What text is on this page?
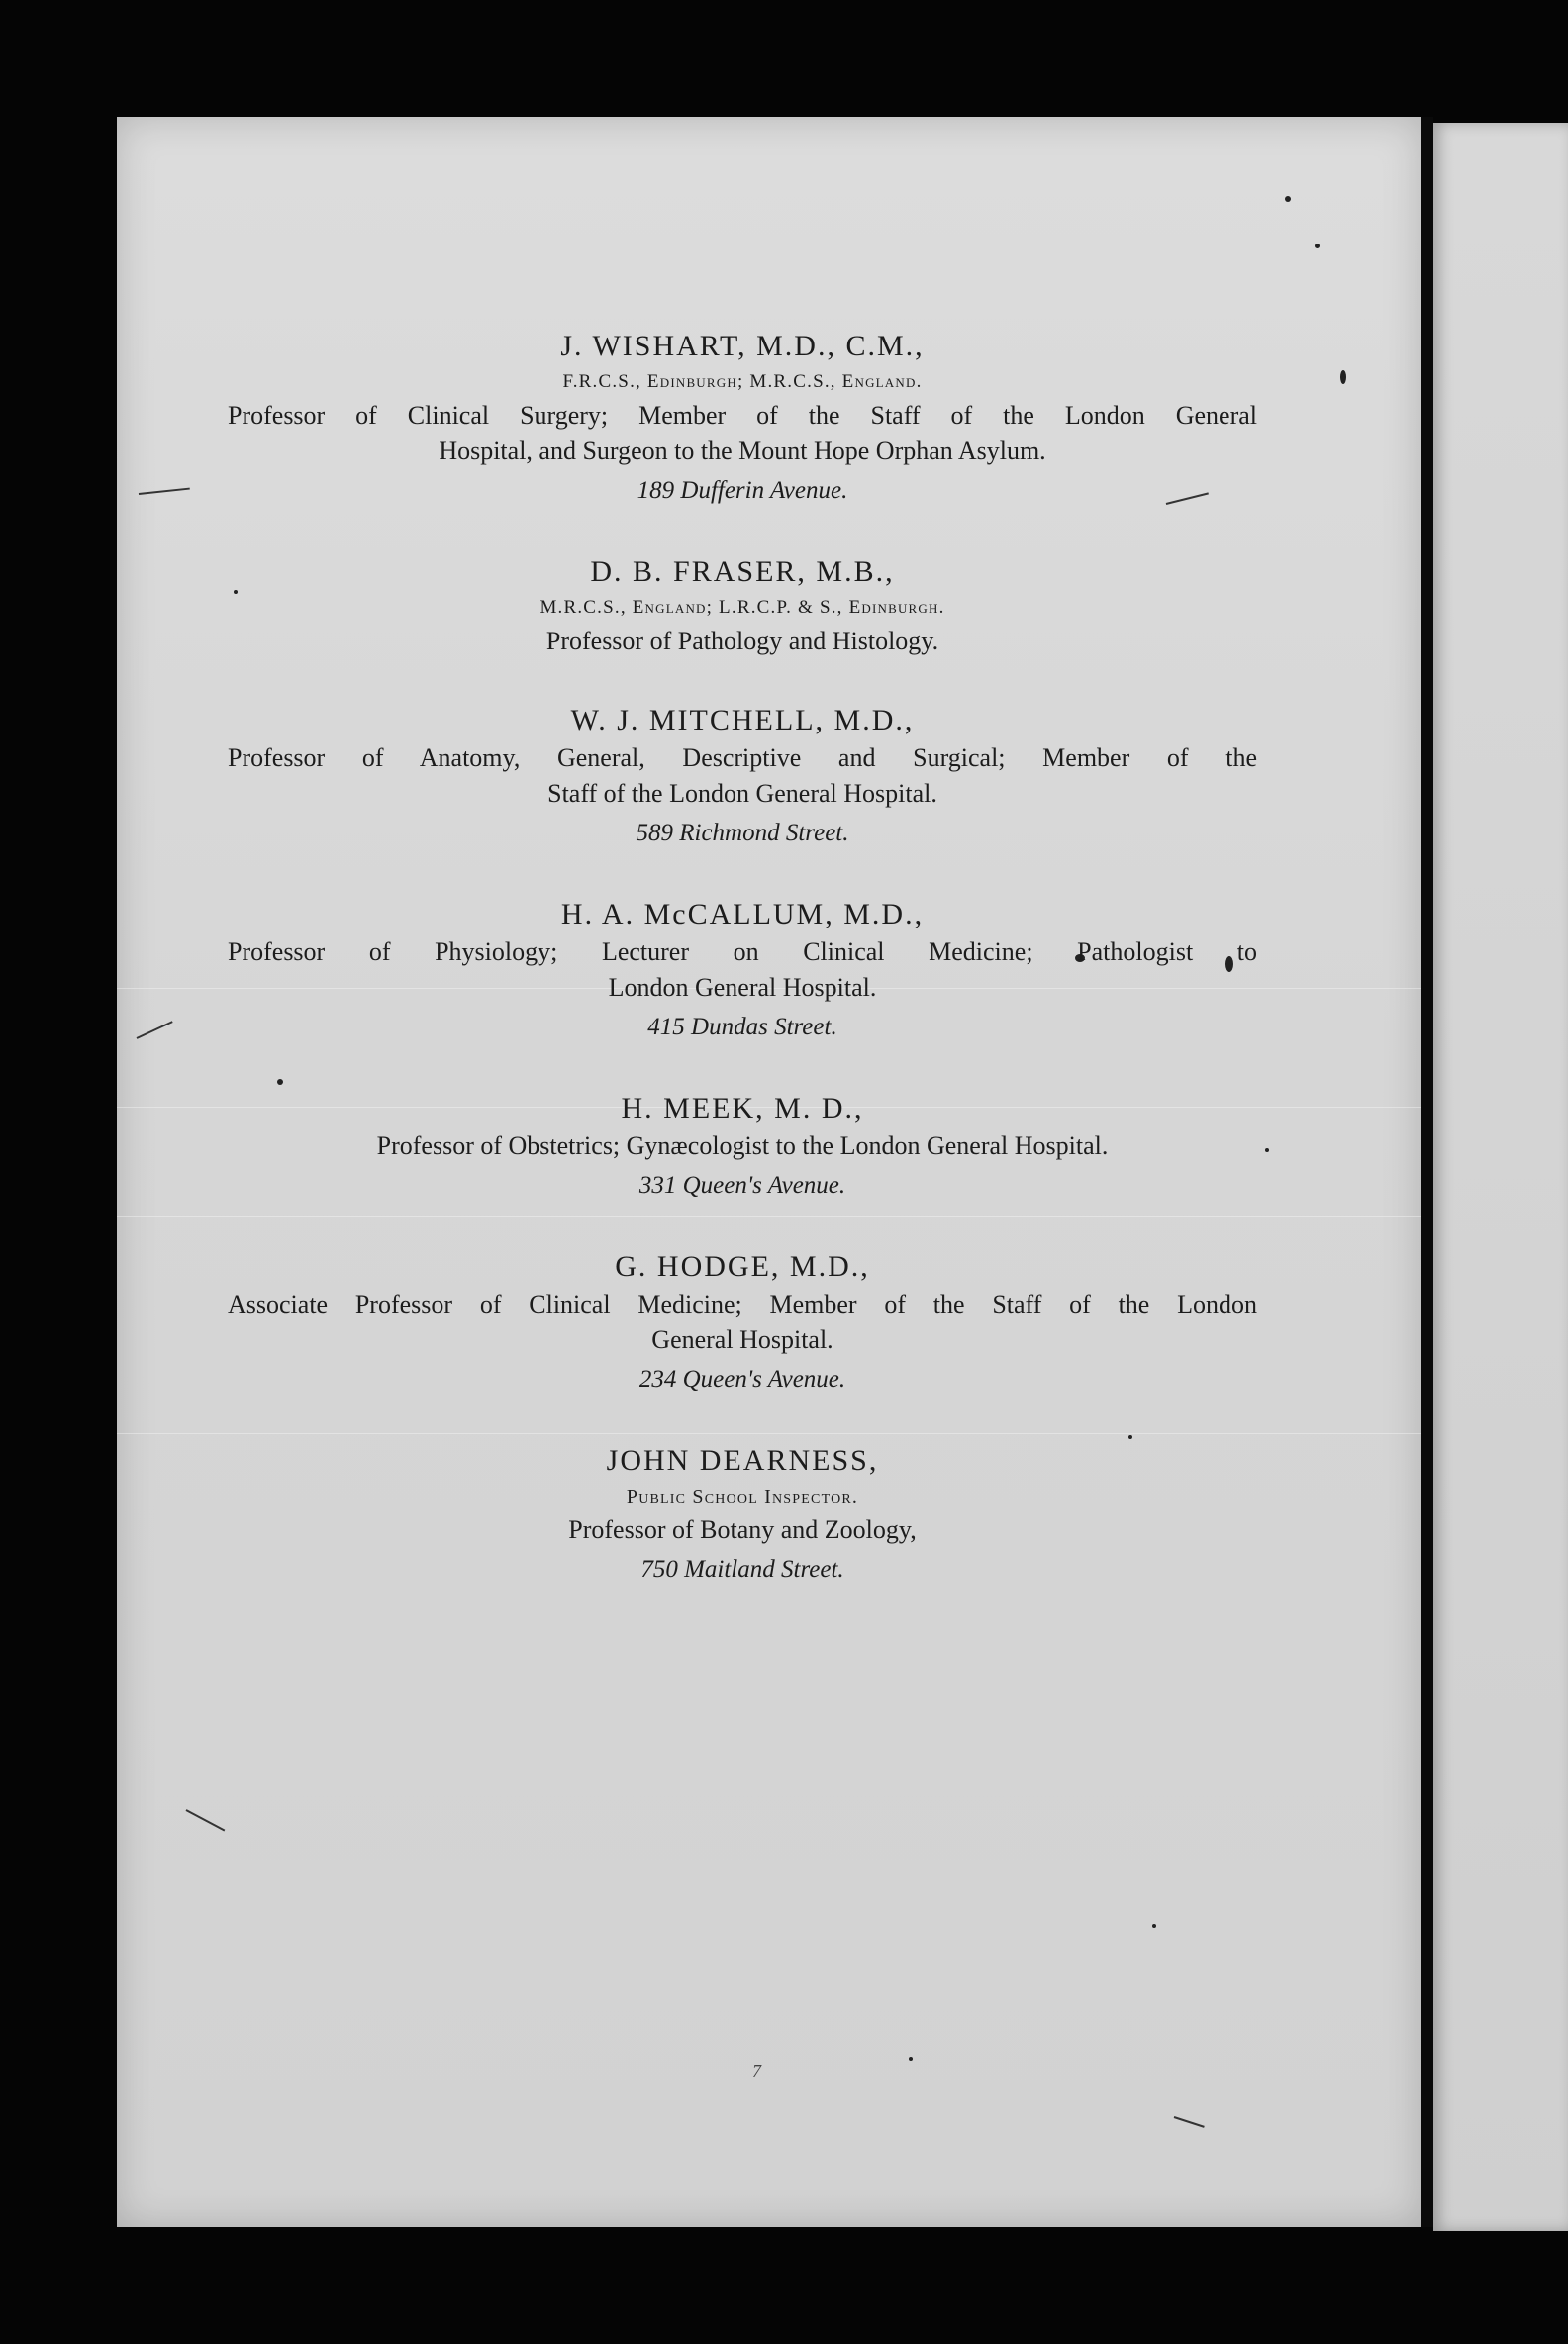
J. WISHART, M.D., C.M.,
F.R.C.S., Edinburgh; M.R.C.S., England.
Professor of Clinical Surgery; Member of the Staff of the London General
Hospital, and Surgeon to the Mount Hope Orphan Asylum.
189 Dufferin Avenue.
D. B. FRASER, M.B.,
M.R.C.S., England; L.R.C.P. & S., Edinburgh.
Professor of Pathology and Histology.
W. J. MITCHELL, M.D.,
Professor of Anatomy, General, Descriptive and Surgical; Member of the
Staff of the London General Hospital.
589 Richmond Street.
H. A. McCALLUM, M.D.,
Professor of Physiology; Lecturer on Clinical Medicine; Pathologist to
London General Hospital.
415 Dundas Street.
H. MEEK, M. D.,
Professor of Obstetrics; Gynæcologist to the London General Hospital.
331 Queen's Avenue.
G. HODGE, M.D.,
Associate Professor of Clinical Medicine; Member of the Staff of the London
General Hospital.
234 Queen's Avenue.
JOHN DEARNESS,
Public School Inspector.
Professor of Botany and Zoology,
750 Maitland Street.
7
